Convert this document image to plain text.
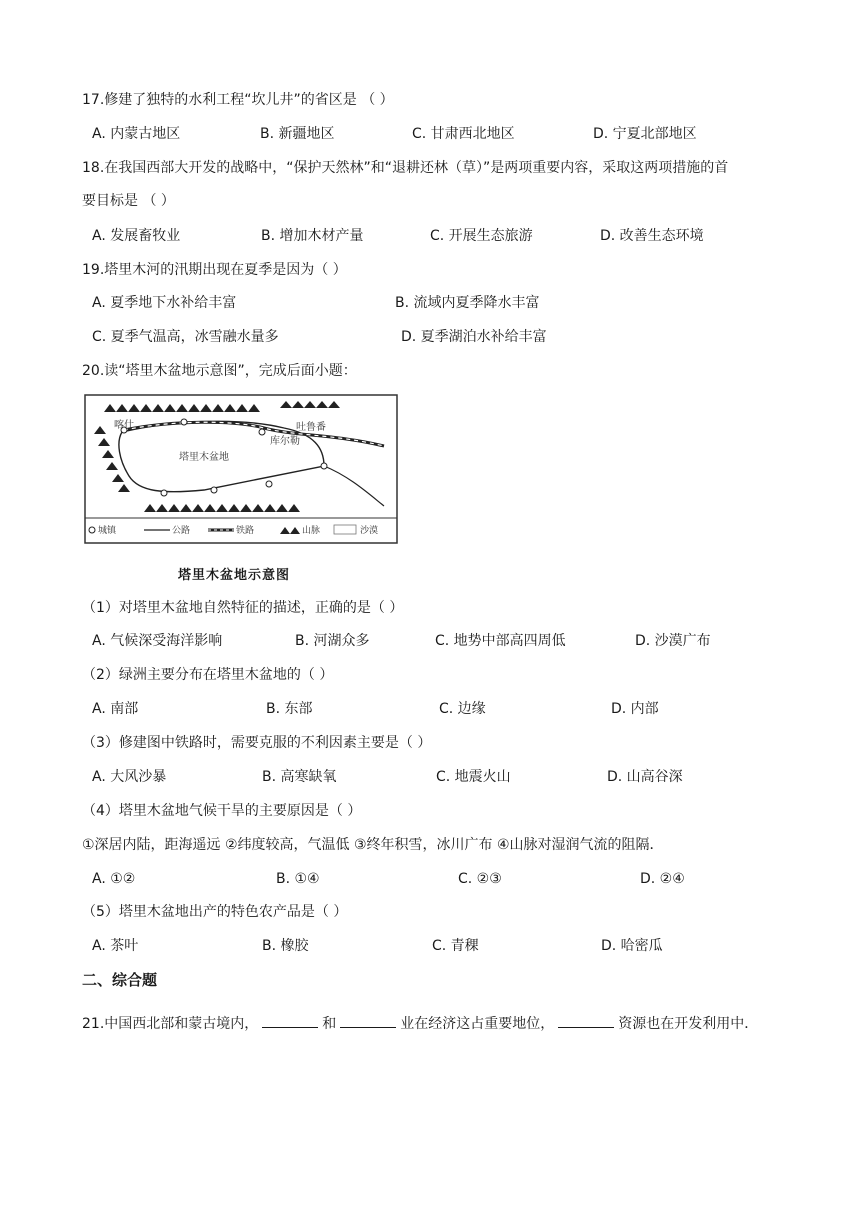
17.修建了独特的水利工程“坎儿井”的省区是 （ ）
A. 内蒙古地区	B. 新疆地区	C. 甘肃西北地区	D. 宁夏北部地区
18.在我国西部大开发的战略中，“保护天然林”和“退耕还林（草）”是两项重要内容，采取这两项措施的首
要目标是 （ ）
A. 发展畜牧业	B. 增加木材产量	C. 开展生态旅游	D. 改善生态环境
19.塔里木河的汛期出现在夏季是因为（ ）
A. 夏季地下水补给丰富	B. 流域内夏季降水丰富
C. 夏季气温高，冰雪融水量多	D. 夏季湖泊水补给丰富
20.读“塔里木盆地示意图”，完成后面小题：
喀什	吐鲁番
库尔勒
塔里木盆地
城镇	公路	铁路	山脉	沙漠
塔里木盆地示意图
（1）对塔里木盆地自然特征的描述，正确的是（ ）
A. 气候深受海洋影响	B. 河湖众多	C. 地势中部高四周低	D. 沙漠广布
（2）绿洲主要分布在塔里木盆地的（ ）
A. 南部	B. 东部	C. 边缘	D. 内部
（3）修建图中铁路时，需要克服的不利因素主要是（ ）
A. 大风沙暴	B. 高寒缺氧	C. 地震火山	D. 山高谷深
（4）塔里木盆地气候干旱的主要原因是（ ）
①深居内陆，距海遥远 ②纬度较高，气温低 ③终年积雪，冰川广布 ④山脉对湿润气流的阻隔．
A. ①②	B. ①④	C. ②③	D. ②④
（5）塔里木盆地出产的特色农产品是（ ）
A. 茶叶	B. 橡胶	C. 青稞	D. 哈密瓜
二、综合题
21.中国西北部和蒙古境内，	和	业在经济这占重要地位，	资源也在开发利用中．
